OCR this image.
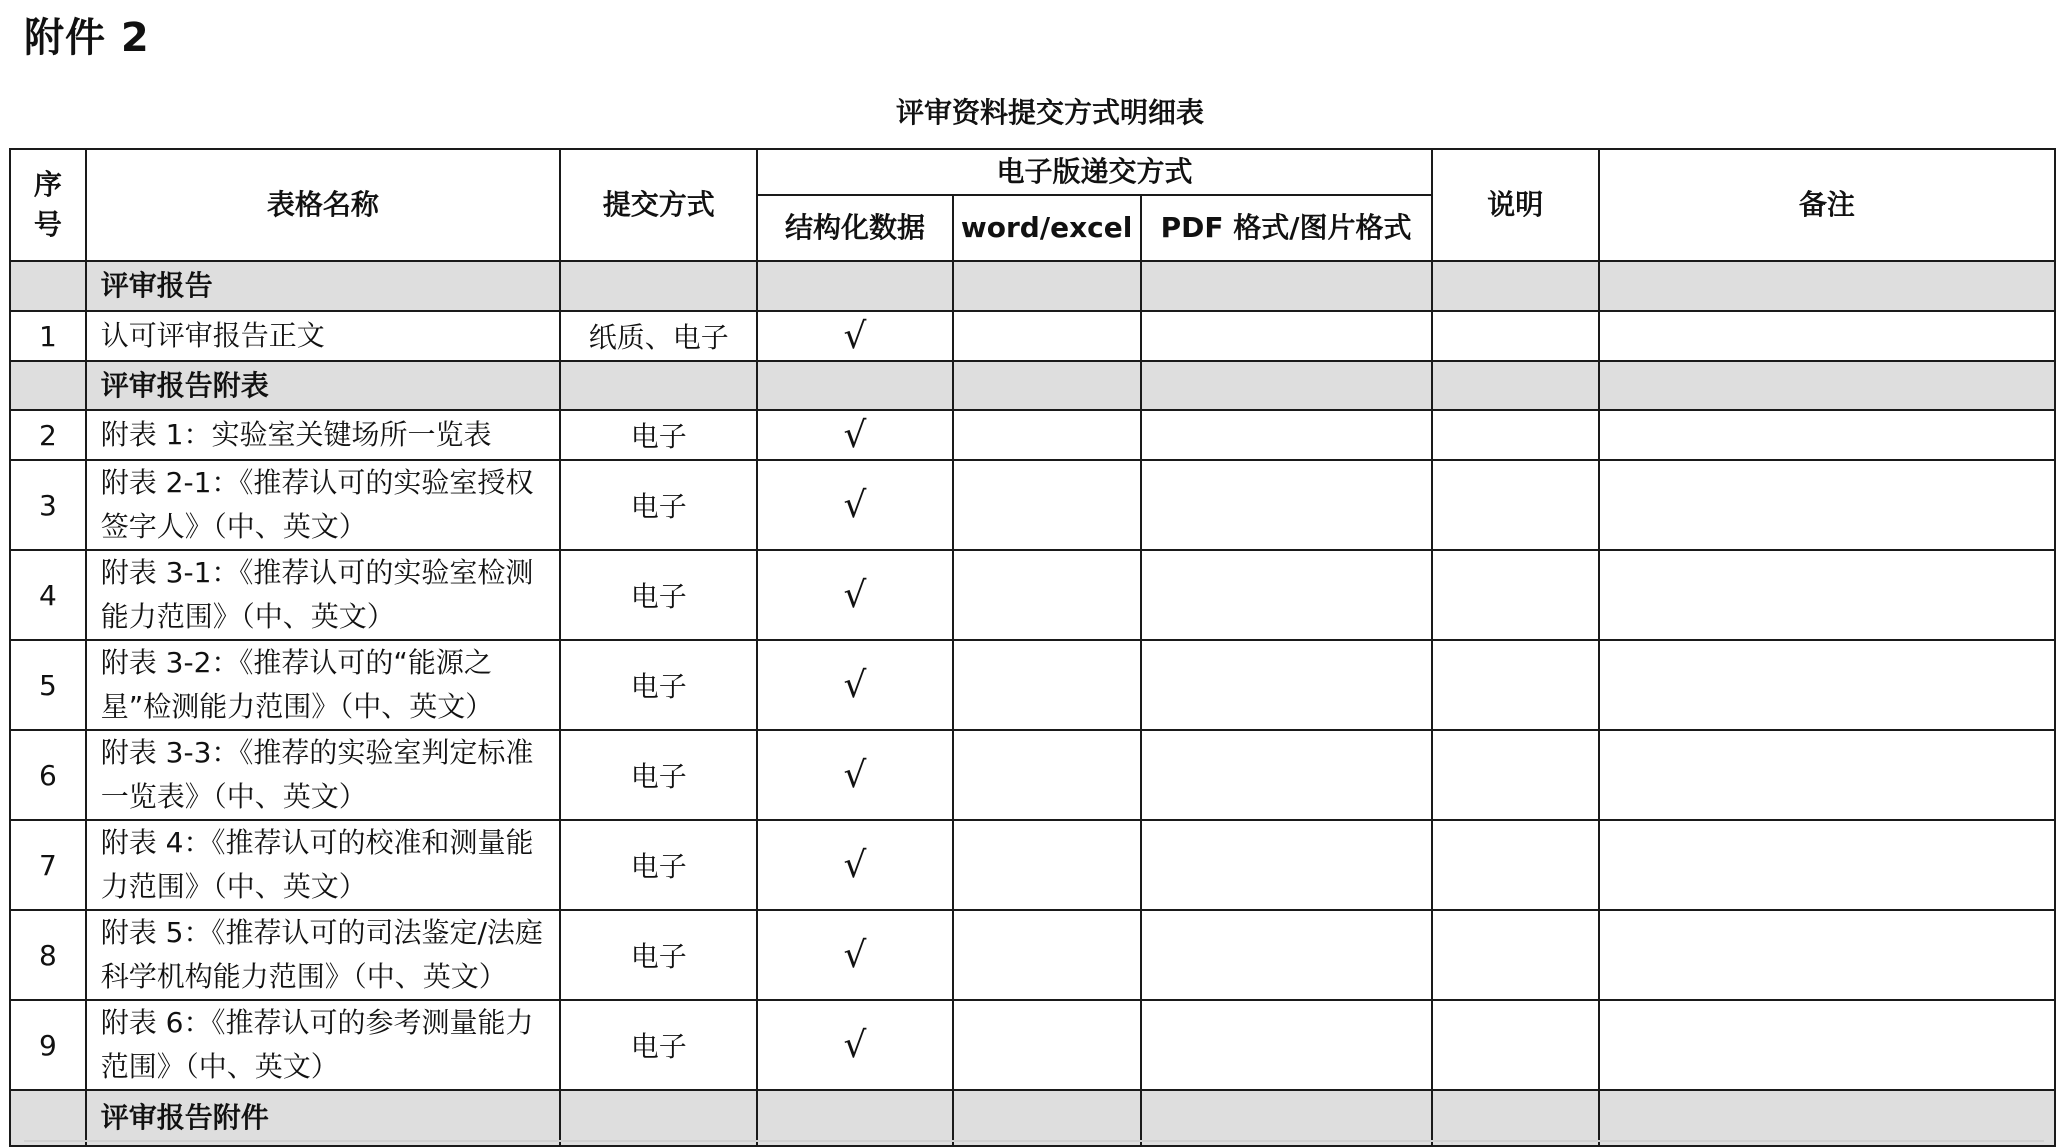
附件 2
评审资料提交方式明细表
序
号	表格名称	提交方式	电子版递交方式			说明	备注
			结构化数据	word/excel	PDF 格式/图片格式		
	评审报告						
1	认可评审报告正文	纸质、电子	√				
	评审报告附表						
2	附表 1：实验室关键场所一览表	电子	√				
3	附表 2-1：《推荐认可的实验室授权签字人》（中、英文）	电子	√				
4	附表 3-1：《推荐认可的实验室检测能力范围》（中、英文）	电子	√				
5	附表 3-2：《推荐认可的“能源之星”检测能力范围》（中、英文）	电子	√				
6	附表 3-3：《推荐的实验室判定标准一览表》（中、英文）	电子	√				
7	附表 4：《推荐认可的校准和测量能力范围》（中、英文）	电子	√				
8	附表 5：《推荐认可的司法鉴定/法庭科学机构能力范围》（中、英文）	电子	√				
9	附表 6：《推荐认可的参考测量能力范围》（中、英文）	电子	√				
	评审报告附件						
